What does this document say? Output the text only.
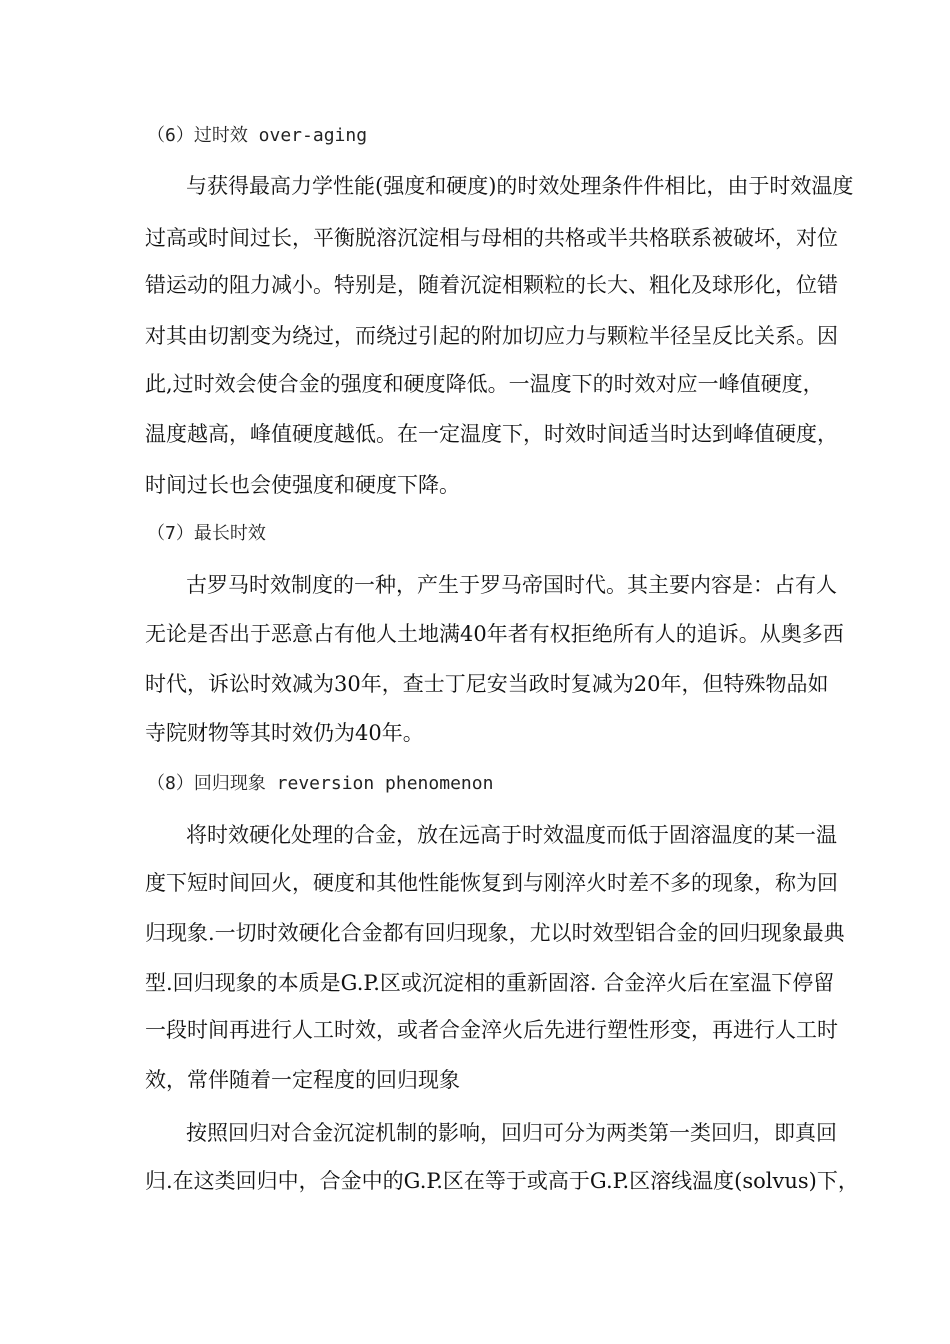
（6）过时效 over-aging
与获得最高力学性能(强度和硬度)的时效处理条件件相比，由于时效温度
过高或时间过长，平衡脱溶沉淀相与母相的共格或半共格联系被破坏，对位
错运动的阻力减小。特别是，随着沉淀相颗粒的长大、粗化及球形化，位错
对其由切割变为绕过，而绕过引起的附加切应力与颗粒半径呈反比关系。因
此,过时效会使合金的强度和硬度降低。一温度下的时效对应一峰值硬度，
温度越高，峰值硬度越低。在一定温度下，时效时间适当时达到峰值硬度，
时间过长也会使强度和硬度下降。
（7）最长时效
古罗马时效制度的一种，产生于罗马帝国时代。其主要内容是：占有人
无论是否出于恶意占有他人土地满40年者有权拒绝所有人的追诉。从奥多西
时代，诉讼时效减为30年，查士丁尼安当政时复减为20年，但特殊物品如
寺院财物等其时效仍为40年。
（8）回归现象 reversion phenomenon
将时效硬化处理的合金，放在远高于时效温度而低于固溶温度的某一温
度下短时间回火，硬度和其他性能恢复到与刚淬火时差不多的现象，称为回
归现象.一切时效硬化合金都有回归现象，尤以时效型铝合金的回归现象最典
型.回归现象的本质是G.P.区或沉淀相的重新固溶. 合金淬火后在室温下停留
一段时间再进行人工时效，或者合金淬火后先进行塑性形变，再进行人工时
效，常伴随着一定程度的回归现象
按照回归对合金沉淀机制的影响，回归可分为两类第一类回归，即真回
归.在这类回归中，合金中的G.P.区在等于或高于G.P.区溶线温度(solvus)下，
